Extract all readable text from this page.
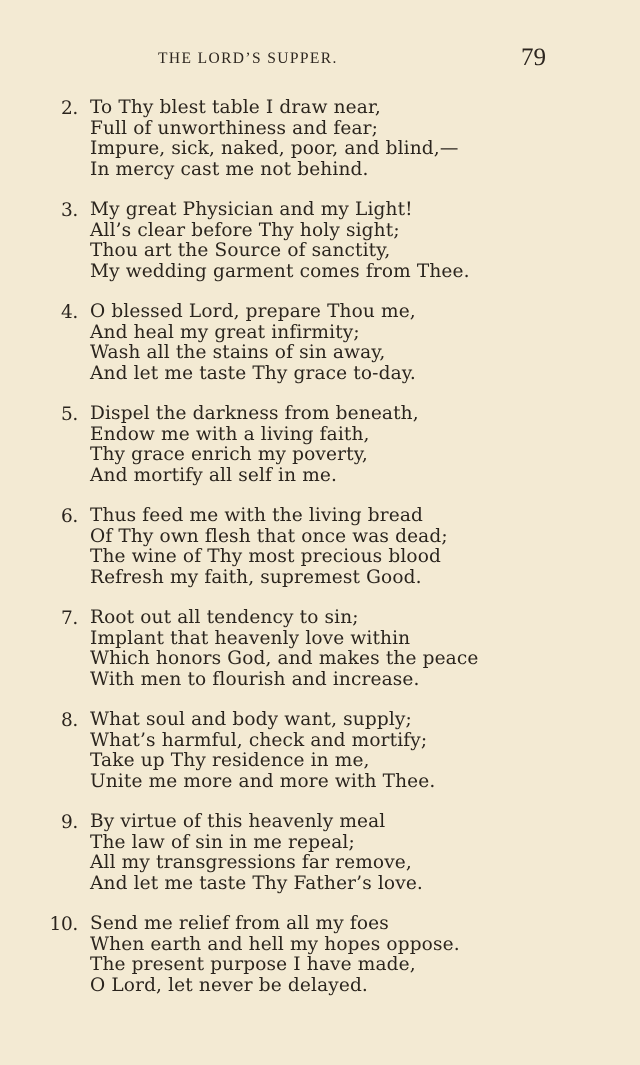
THE LORD’S SUPPER.	79
2. To Thy blest table I draw near,
Full of unworthiness and fear;
Impure, sick, naked, poor, and blind,—
In mercy cast me not behind.
3. My great Physician and my Light!
All’s clear before Thy holy sight;
Thou art the Source of sanctity,
My wedding garment comes from Thee.
4. O blessed Lord, prepare Thou me,
And heal my great infirmity;
Wash all the stains of sin away,
And let me taste Thy grace to-day.
5. Dispel the darkness from beneath,
Endow me with a living faith,
Thy grace enrich my poverty,
And mortify all self in me.
6. Thus feed me with the living bread
Of Thy own flesh that once was dead;
The wine of Thy most precious blood
Refresh my faith, supremest Good.
7. Root out all tendency to sin;
Implant that heavenly love within
Which honors God, and makes the peace
With men to flourish and increase.
8. What soul and body want, supply;
What’s harmful, check and mortify;
Take up Thy residence in me,
Unite me more and more with Thee.
9. By virtue of this heavenly meal
The law of sin in me repeal;
All my transgressions far remove,
And let me taste Thy Father’s love.
10. Send me relief from all my foes
When earth and hell my hopes oppose.
The present purpose I have made,
O Lord, let never be delayed.
